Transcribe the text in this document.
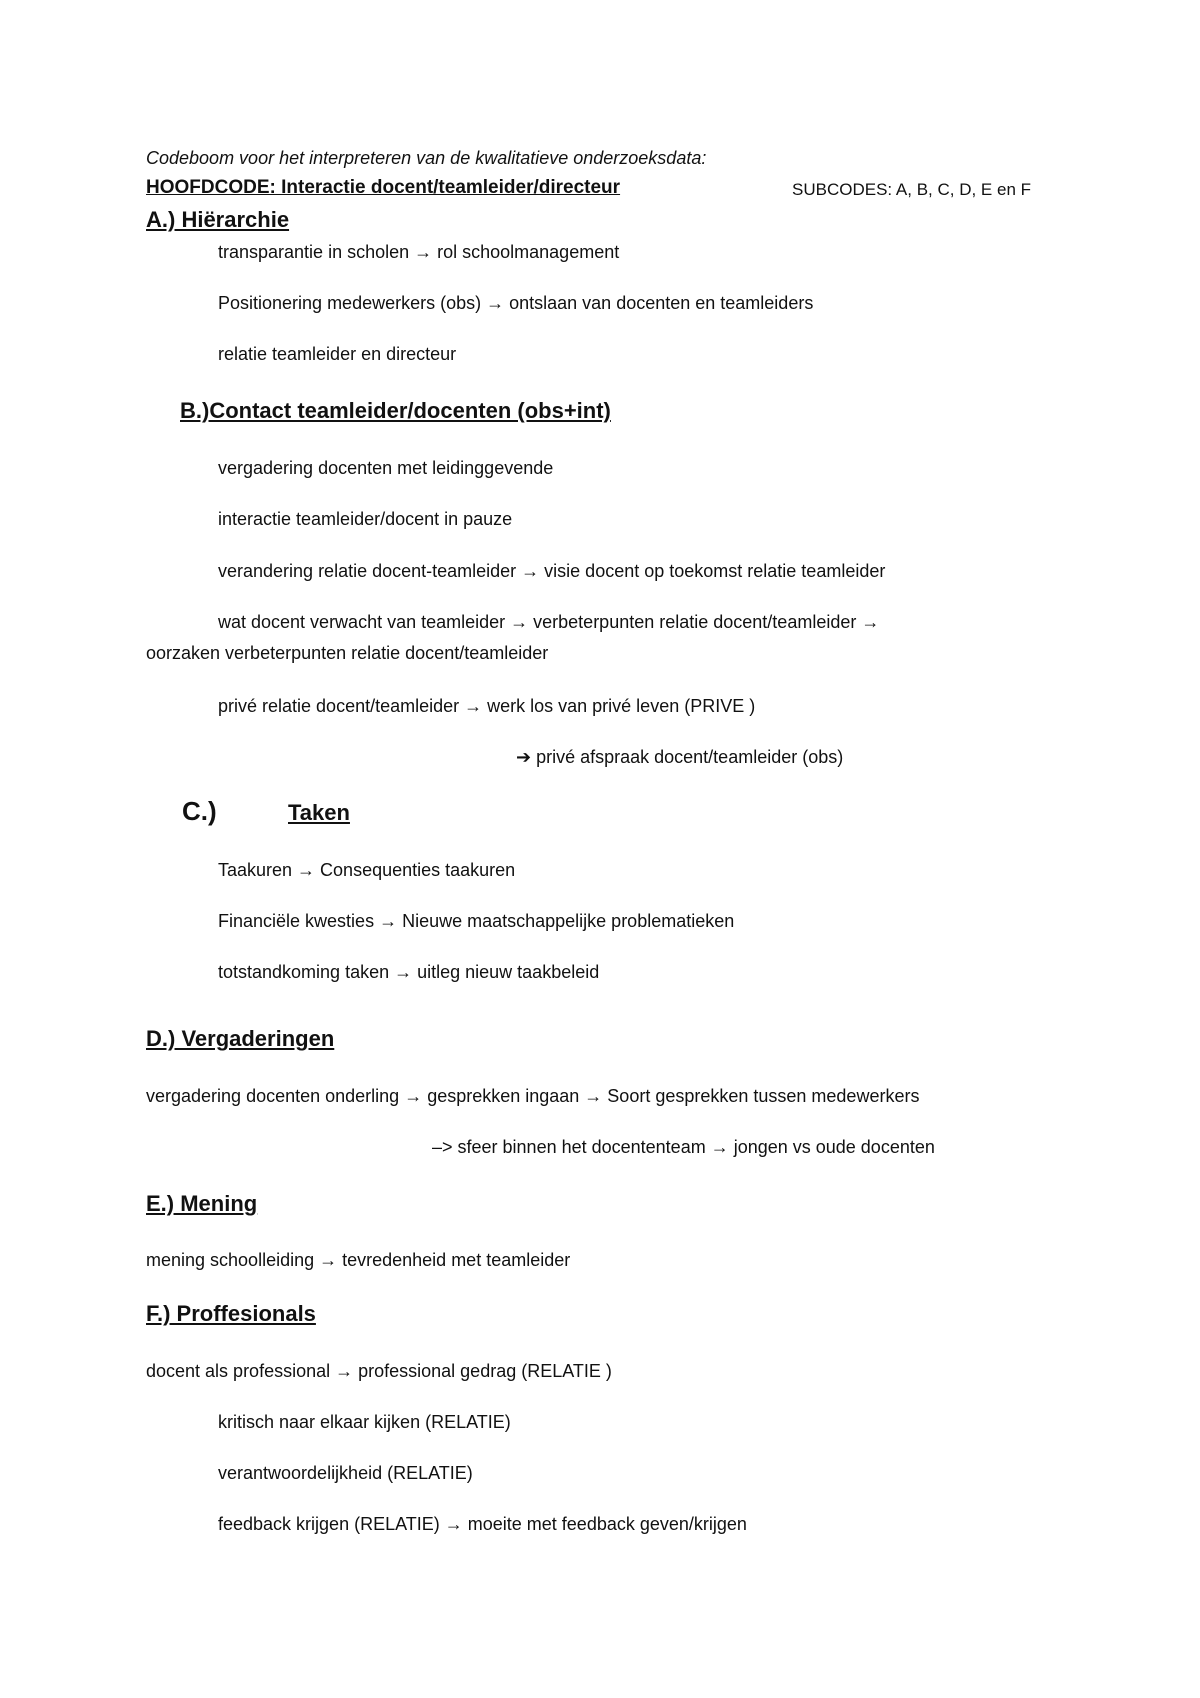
Codeboom voor het interpreteren van de kwalitatieve onderzoeksdata:
HOOFDCODE: Interactie docent/teamleider/directeur	SUBCODES: A, B, C, D, E en F
A.) Hiërarchie
transparantie in scholen → rol schoolmanagement
Positionering medewerkers (obs) → ontslaan van docenten en teamleiders
relatie teamleider en directeur
B.)Contact teamleider/docenten (obs+int)
vergadering docenten met leidinggevende
interactie teamleider/docent in pauze
verandering relatie docent-teamleider → visie docent op toekomst relatie teamleider
wat docent verwacht van teamleider → verbeterpunten relatie docent/teamleider →
oorzaken verbeterpunten relatie docent/teamleider
privé relatie docent/teamleider → werk los van privé leven (PRIVE )
➔ privé afspraak docent/teamleider (obs)
C.)	Taken
Taakuren → Consequenties taakuren
Financiële kwesties → Nieuwe maatschappelijke problematieken
totstandkoming taken → uitleg nieuw taakbeleid
D.) Vergaderingen
vergadering docenten onderling → gesprekken ingaan → Soort gesprekken tussen medewerkers
–> sfeer binnen het docententeam → jongen vs oude docenten
E.) Mening
mening schoolleiding → tevredenheid met teamleider
F.) Proffesionals
docent als professional → professional gedrag (RELATIE )
kritisch naar elkaar kijken (RELATIE)
verantwoordelijkheid (RELATIE)
feedback krijgen (RELATIE) → moeite met feedback geven/krijgen
